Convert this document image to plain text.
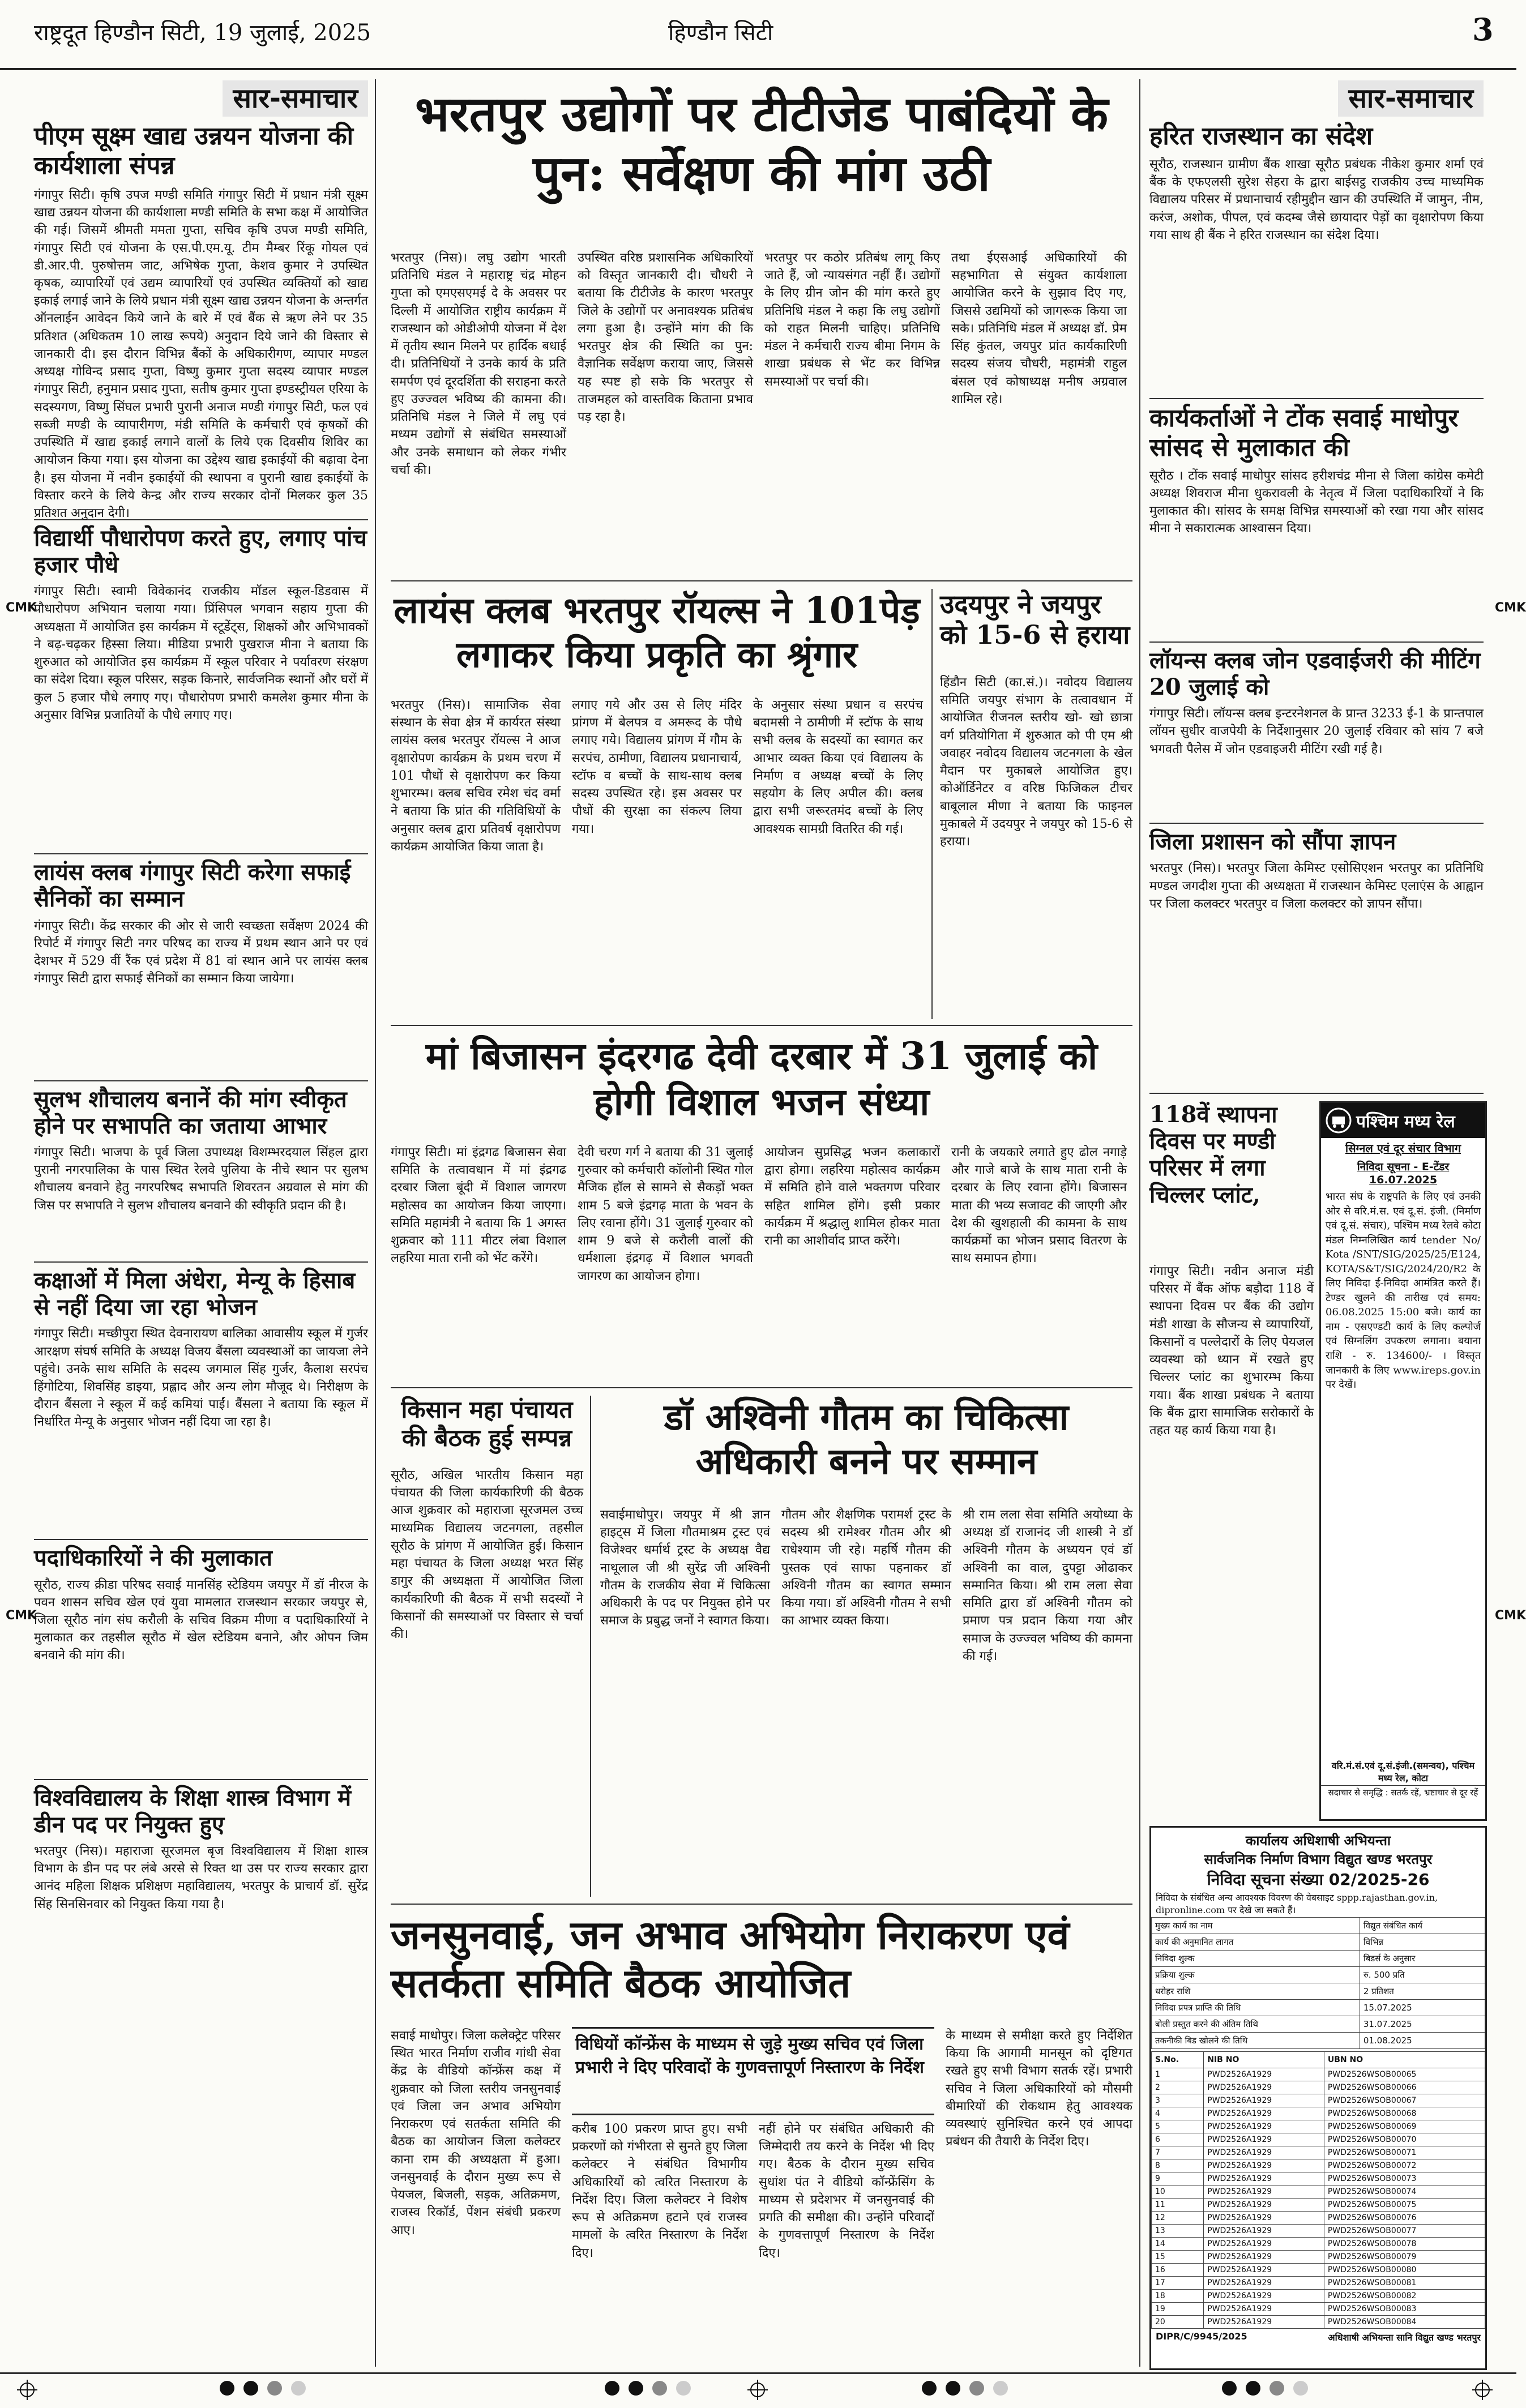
राष्ट्रदूत हिण्डौन सिटी, 19 जुलाई, 2025	हिण्डौन सिटी	3
CMK
CMK
CMK
CMK
सार-समाचार
पीएम सूक्ष्म खाद्य उन्नयन योजना की कार्यशाला संपन्न
गंगापुर सिटी। कृषि उपज मण्डी समिति गंगापुर सिटी में प्रधान मंत्री सूक्ष्म खाद्य उन्नयन योजना की कार्यशाला मण्डी समिति के सभा कक्ष में आयोजित की गई। जिसमें श्रीमती ममता गुप्ता, सचिव कृषि उपज मण्डी समिति, गंगापुर सिटी एवं योजना के एस.पी.एम.यू. टीम मैम्बर रिंकू गोयल एवं डी.आर.पी. पुरुषोत्तम जाट, अभिषेक गुप्ता, केशव कुमार ने उपस्थित कृषक, व्यापारियों एवं उद्यम व्यापारियों एवं उपस्थित व्यक्तियों को खाद्य इकाई लगाई जाने के लिये प्रधान मंत्री सूक्ष्म खाद्य उन्नयन योजना के अन्तर्गत ऑनलाईन आवेदन किये जाने के बारे में एवं बैंक से ऋण लेने पर 35 प्रतिशत (अधिकतम 10 लाख रूपये) अनुदान दिये जाने की विस्तार से जानकारी दी। इस दौरान विभिन्न बैंकों के अधिकारीगण, व्यापार मण्डल अध्यक्ष गोविन्द प्रसाद गुप्ता, विष्णु कुमार गुप्ता सदस्य व्यापार मण्डल गंगापुर सिटी, हनुमान प्रसाद गुप्ता, सतीष कुमार गुप्ता इण्डस्ट्रीयल एरिया के सदस्यगण, विष्णु सिंघल प्रभारी पुरानी अनाज मण्डी गंगापुर सिटी, फल एवं सब्जी मण्डी के व्यापारीगण, मंडी समिति के कर्मचारी एवं कृषकों की उपस्थिति में खाद्य इकाई लगाने वालों के लिये एक दिवसीय शिविर का आयोजन किया गया। इस योजना का उद्देश्य खाद्य इकाईयों की बढ़ावा देना है। इस योजना में नवीन इकाईयों की स्थापना व पुरानी खाद्य इकाईयों के विस्तार करने के लिये केन्द्र और राज्य सरकार दोनों मिलकर कुल 35 प्रतिशत अनुदान देगी।
विद्यार्थी पौधारोपण करते हुए, लगाए पांच हजार पौधे
गंगापुर सिटी। स्वामी विवेकानंद राजकीय मॉडल स्कूल-डिडवास में पौधारोपण अभियान चलाया गया। प्रिंसिपल भगवान सहाय गुप्ता की अध्यक्षता में आयोजित इस कार्यक्रम में स्टूडेंट्स, शिक्षकों और अभिभावकों ने बढ़-चढ़कर हिस्सा लिया। मीडिया प्रभारी पुखराज मीना ने बताया कि शुरुआत को आयोजित इस कार्यक्रम में स्कूल परिवार ने पर्यावरण संरक्षण का संदेश दिया। स्कूल परिसर, सड़क किनारे, सार्वजनिक स्थानों और घरों में कुल 5 हजार पौधे लगाए गए। पौधारोपण प्रभारी कमलेश कुमार मीना के अनुसार विभिन्न प्रजातियों के पौधे लगाए गए।
लायंस क्लब गंगापुर सिटी करेगा सफाई सैनिकों का सम्मान
गंगापुर सिटी। केंद्र सरकार की ओर से जारी स्वच्छता सर्वेक्षण 2024 की रिपोर्ट में गंगापुर सिटी नगर परिषद का राज्य में प्रथम स्थान आने पर एवं देशभर में 529 वीं रैंक एवं प्रदेश में 81 वां स्थान आने पर लायंस क्लब गंगापुर सिटी द्वारा सफाई सैनिकों का सम्मान किया जायेगा।
सुलभ शौचालय बनानें की मांग स्वीकृत होने पर सभापति का जताया आभार
गंगापुर सिटी। भाजपा के पूर्व जिला उपाध्यक्ष विशम्भरदयाल सिंहल द्वारा पुरानी नगरपालिका के पास स्थित रेलवे पुलिया के नीचे स्थान पर सुलभ शौचालय बनवाने हेतु नगरपरिषद सभापति शिवरतन अग्रवाल से मांग की जिस पर सभापति ने सुलभ शौचालय बनवाने की स्वीकृति प्रदान की है।
कक्षाओं में मिला अंधेरा, मेन्यू के हिसाब से नहीं दिया जा रहा भोजन
गंगापुर सिटी। मच्छीपुरा स्थित देवनारायण बालिका आवासीय स्कूल में गुर्जर आरक्षण संघर्ष समिति के अध्यक्ष विजय बैंसला व्यवस्थाओं का जायजा लेने पहुंचे। उनके साथ समिति के सदस्य जगमाल सिंह गुर्जर, कैलाश सरपंच हिंगोटिया, शिवसिंह डाइया, प्रह्लाद और अन्य लोग मौजूद थे। निरीक्षण के दौरान बैंसला ने स्कूल में कई कमियां पाईं। बैंसला ने बताया कि स्कूल में निर्धारित मेन्यू के अनुसार भोजन नहीं दिया जा रहा है।
पदाधिकारियों ने की मुलाकात
सूरौठ, राज्य क्रीडा परिषद सवाई मानसिंह स्टेडियम जयपुर में डॉ नीरज के पवन शासन सचिव खेल एवं युवा मामलात राजस्थान सरकार जयपुर से, जिला सूरौठ नांग संघ करौली के सचिव विक्रम मीणा व पदाधिकारियों ने मुलाकात कर तहसील सूरौठ में खेल स्टेडियम बनाने, और ओपन जिम बनवाने की मांग की।
विश्वविद्यालय के शिक्षा शास्त्र विभाग में डीन पद पर नियुक्त हुए
भरतपुर (निस)। महाराजा सूरजमल बृज विश्वविद्यालय में शिक्षा शास्त्र विभाग के डीन पद पर लंबे अरसे से रिक्त था उस पर राज्य सरकार द्वारा आनंद महिला शिक्षक प्रशिक्षण महाविद्यालय, भरतपुर के प्राचार्य डॉ. सुरेंद्र सिंह सिनसिनवार को नियुक्त किया गया है।
भरतपुर उद्योगों पर टीटीजेड पाबंदियों के पुन: सर्वेक्षण की मांग उठी
भरतपुर (निस)। लघु उद्योग भारती प्रतिनिधि मंडल ने महाराष्ट्र चंद्र मोहन गुप्ता को एमएसएमई दे के अवसर पर दिल्ली में आयोजित राष्ट्रीय कार्यक्रम में राजस्थान को ओडीओपी योजना में देश में तृतीय स्थान मिलने पर हार्दिक बधाई दी। प्रतिनिधियों ने उनके कार्य के प्रति समर्पण एवं दूरदर्शिता की सराहना करते हुए उज्ज्वल भविष्य की कामना की। प्रतिनिधि मंडल ने जिले में लघु एवं मध्यम उद्योगों से संबंधित समस्याओं और उनके समाधान को लेकर गंभीर चर्चा की।
उपस्थित वरिष्ठ प्रशासनिक अधिकारियों को विस्तृत जानकारी दी। चौधरी ने बताया कि टीटीजेड के कारण भरतपुर जिले के उद्योगों पर अनावश्यक प्रतिबंध लगा हुआ है। उन्होंने मांग की कि भरतपुर क्षेत्र की स्थिति का पुन: वैज्ञानिक सर्वेक्षण कराया जाए, जिससे यह स्पष्ट हो सके कि भरतपुर से ताजमहल को वास्तविक किताना प्रभाव पड़ रहा है।
भरतपुर पर कठोर प्रतिबंध लागू किए जाते हैं, जो न्यायसंगत नहीं हैं। उद्योगों के लिए ग्रीन जोन की मांग करते हुए प्रतिनिधि मंडल ने कहा कि लघु उद्योगों को राहत मिलनी चाहिए। प्रतिनिधि मंडल ने कर्मचारी राज्य बीमा निगम के शाखा प्रबंधक से भेंट कर विभिन्न समस्याओं पर चर्चा की।
तथा ईएसआई अधिकारियों की सहभागिता से संयुक्त कार्यशाला आयोजित करने के सुझाव दिए गए, जिससे उद्यमियों को जागरूक किया जा सके। प्रतिनिधि मंडल में अध्यक्ष डॉ. प्रेम सिंह कुंतल, जयपुर प्रांत कार्यकारिणी सदस्य संजय चौधरी, महामंत्री राहुल बंसल एवं कोषाध्यक्ष मनीष अग्रवाल शामिल रहे।
लायंस क्लब भरतपुर रॉयल्स ने 101पेड़ लगाकर किया प्रकृति का श्रृंगार
भरतपुर (निस)। सामाजिक सेवा संस्थान के सेवा क्षेत्र में कार्यरत संस्था लायंस क्लब भरतपुर रॉयल्स ने आज वृक्षारोपण कार्यक्रम के प्रथम चरण में 101 पौधों से वृक्षारोपण कर किया शुभारम्भ। क्लब सचिव रमेश चंद वर्मा ने बताया कि प्रांत की गतिविधियों के अनुसार क्लब द्वारा प्रतिवर्ष वृक्षारोपण कार्यक्रम आयोजित किया जाता है।
लगाए गये और उस से लिए मंदिर प्रांगण में बेलपत्र व अमरूद के पौधे लगाए गये। विद्यालय प्रांगण में गौम के सरपंच, ठामीणा, विद्यालय प्रधानाचार्य, स्टॉफ व बच्चों के साथ-साथ क्लब सदस्य उपस्थित रहे। इस अवसर पर पौधों की सुरक्षा का संकल्प लिया गया।
के अनुसार संस्था प्रधान व सरपंच बदामसी ने ठामीणी में स्टॉफ के साथ सभी क्लब के सदस्यों का स्वागत कर आभार व्यक्त किया एवं विद्यालय के निर्माण व अध्यक्ष बच्चों के लिए सहयोग के लिए अपील की। क्लब द्वारा सभी जरूरतमंद बच्चों के लिए आवश्यक सामग्री वितरित की गई।
उदयपुर ने जयपुर को 15-6 से हराया
हिंडौन सिटी (का.सं.)। नवोदय विद्यालय समिति जयपुर संभाग के तत्वावधान में आयोजित रीजनल स्तरीय खो- खो छात्रा वर्ग प्रतियोगिता में शुरुआत को पी एम श्री जवाहर नवोदय विद्यालय जटनगला के खेल मैदान पर मुकाबले आयोजित हुए। कोऑर्डिनेटर व वरिष्ठ फिजिकल टीचर बाबूलाल मीणा ने बताया कि फाइनल मुकाबले में उदयपुर ने जयपुर को 15-6 से हराया।
मां बिजासन इंदरगढ देवी दरबार में 31 जुलाई को होगी विशाल भजन संध्या
गंगापुर सिटी। मां इंद्रगढ बिजासन सेवा समिति के तत्वावधान में मां इंद्रगढ दरबार जिला बूंदी में विशाल जागरण महोत्सव का आयोजन किया जाएगा। समिति महामंत्री ने बताया कि 1 अगस्त शुक्रवार को 111 मीटर लंबा विशाल लहरिया माता रानी को भेंट करेंगे।
देवी चरण गर्ग ने बताया की 31 जुलाई गुरुवार को कर्मचारी कॉलोनी स्थित गोल मैजिक हॉल से सामने से सैकड़ों भक्त शाम 5 बजे इंद्रगढ़ माता के भवन के लिए रवाना होंगे। 31 जुलाई गुरुवार को शाम 9 बजे से करौली वालों की धर्मशाला इंद्रगढ़ में विशाल भगवती जागरण का आयोजन होगा।
आयोजन सुप्रसिद्ध भजन कलाकारों द्वारा होगा। लहरिया महोत्सव कार्यक्रम में समिति होने वाले भक्तगण परिवार सहित शामिल होंगे। इसी प्रकार कार्यक्रम में श्रद्धालु शामिल होकर माता रानी का आशीर्वाद प्राप्त करेंगे।
रानी के जयकारे लगाते हुए ढोल नगाड़े और गाजे बाजे के साथ माता रानी के दरबार के लिए रवाना होंगे। बिजासन माता की भव्य सजावट की जाएगी और देश की खुशहाली की कामना के साथ कार्यक्रमों का भोजन प्रसाद वितरण के साथ समापन होगा।
किसान महा पंचायत की बैठक हुई सम्पन्न
सूरौठ, अखिल भारतीय किसान महा पंचायत की जिला कार्यकारिणी की बैठक आज शुक्रवार को महाराजा सूरजमल उच्च माध्यमिक विद्यालय जटनगला, तहसील सूरौठ के प्रांगण में आयोजित हुई। किसान महा पंचायत के जिला अध्यक्ष भरत सिंह डागुर की अध्यक्षता में आयोजित जिला कार्यकारिणी की बैठक में सभी सदस्यों ने किसानों की समस्याओं पर विस्तार से चर्चा की।
डॉ अश्विनी गौतम का चिकित्सा अधिकारी बनने पर सम्मान
सवाईमाधोपुर। जयपुर में श्री ज्ञान हाइट्स में जिला गौतमाश्रम ट्रस्ट एवं विजेश्वर धर्मार्थ ट्रस्ट के अध्यक्ष वैद्य नाथूलाल जी श्री सुरेंद्र जी अश्विनी गौतम के राजकीय सेवा में चिकित्सा अधिकारी के पद पर नियुक्त होने पर समाज के प्रबुद्ध जनों ने स्वागत किया।
गौतम और शैक्षणिक परामर्श ट्रस्ट के सदस्य श्री रामेश्वर गौतम और श्री राधेश्याम जी रहे। महर्षि गौतम की पुस्तक एवं साफा पहनाकर डॉ अश्विनी गौतम का स्वागत सम्मान किया गया। डॉ अश्विनी गौतम ने सभी का आभार व्यक्त किया।
श्री राम लला सेवा समिति अयोध्या के अध्यक्ष डॉ राजानंद जी शास्त्री ने डॉ अश्विनी गौतम के अध्ययन एवं डॉ अश्विनी का वाल, दुपट्टा ओढाकर सम्मानित किया। श्री राम लला सेवा समिति द्वारा डॉ अश्विनी गौतम को प्रमाण पत्र प्रदान किया गया और समाज के उज्ज्वल भविष्य की कामना की गई।
जनसुनवाई, जन अभाव अभियोग निराकरण एवं सतर्कता समिति बैठक आयोजित
सवाई माधोपुर। जिला कलेक्ट्रेट परिसर स्थित भारत निर्माण राजीव गांधी सेवा केंद्र के वीडियो कॉन्फ्रेंस कक्ष में शुक्रवार को जिला स्तरीय जनसुनवाई एवं जिला जन अभाव अभियोग निराकरण एवं सतर्कता समिति की बैठक का आयोजन जिला कलेक्टर काना राम की अध्यक्षता में हुआ। जनसुनवाई के दौरान मुख्य रूप से पेयजल, बिजली, सड़क, अतिक्रमण, राजस्व रिकॉर्ड, पेंशन संबंधी प्रकरण आए।
विधियों कॉन्फ्रेंस के माध्यम से जुड़े मुख्य सचिव एवं जिला प्रभारी ने दिए परिवादों के गुणवत्तापूर्ण निस्तारण के निर्देश
करीब 100 प्रकरण प्राप्त हुए। सभी प्रकरणों को गंभीरता से सुनते हुए जिला कलेक्टर ने संबंधित विभागीय अधिकारियों को त्वरित निस्तारण के निर्देश दिए। जिला कलेक्टर ने विशेष रूप से अतिक्रमण हटाने एवं राजस्व मामलों के त्वरित निस्तारण के निर्देश दिए।
नहीं होने पर संबंधित अधिकारी की जिम्मेदारी तय करने के निर्देश भी दिए गए। बैठक के दौरान मुख्य सचिव सुधांश पंत ने वीडियो कॉन्फ्रेंसिंग के माध्यम से प्रदेशभर में जनसुनवाई की प्रगति की समीक्षा की। उन्होंने परिवादों के गुणवत्तापूर्ण निस्तारण के निर्देश दिए।
के माध्यम से समीक्षा करते हुए निर्देशित किया कि आगामी मानसून को दृष्टिगत रखते हुए सभी विभाग सतर्क रहें। प्रभारी सचिव ने जिला अधिकारियों को मौसमी बीमारियों की रोकथाम हेतु आवश्यक व्यवस्थाएं सुनिश्चित करने एवं आपदा प्रबंधन की तैयारी के निर्देश दिए।
सार-समाचार
हरित राजस्थान का संदेश
सूरौठ, राजस्थान ग्रामीण बैंक शाखा सूरौठ प्रबंधक नीकेश कुमार शर्मा एवं बैंक के एफएलसी सुरेश सेहरा के द्वारा बाईसट्ठ राजकीय उच्च माध्यमिक विद्यालय परिसर में प्रधानाचार्य रहीमुद्दीन खान की उपस्थिति में जामुन, नीम, करंज, अशोक, पीपल, एवं कदम्ब जैसे छायादार पेड़ों का वृक्षारोपण किया गया साथ ही बैंक ने हरित राजस्थान का संदेश दिया।
कार्यकर्ताओं ने टोंक सवाई माधोपुर सांसद से मुलाकात की
सूरौठ । टोंक सवाई माधोपुर सांसद हरीशचंद्र मीना से जिला कांग्रेस कमेटी अध्यक्ष शिवराज मीना धुकरावली के नेतृत्व में जिला पदाधिकारियों ने कि मुलाकात की। सांसद के समक्ष विभिन्न समस्याओं को रखा गया और सांसद मीना ने सकारात्मक आश्वासन दिया।
लॉयन्स क्लब जोन एडवाईजरी की मीटिंग 20 जुलाई को
गंगापुर सिटी। लॉयन्स क्लब इन्टरनेशनल के प्रान्त 3233 ई-1 के प्रान्तपाल लॉयन सुधीर वाजपेयी के निर्देशानुसार 20 जुलाई रविवार को सांय 7 बजे भगवती पैलेस में जोन एडवाइजरी मीटिंग रखी गई है।
जिला प्रशासन को सौंपा ज्ञापन
भरतपुर (निस)। भरतपुर जिला केमिस्ट एसोसिएशन भरतपुर का प्रतिनिधि मण्डल जगदीश गुप्ता की अध्यक्षता में राजस्थान केमिस्ट एलाएंस के आह्वान पर जिला कलक्टर भरतपुर व जिला कलक्टर को ज्ञापन सौंपा।
118वें स्थापना दिवस पर मण्डी परिसर में लगा चिल्लर प्लांट,
गंगापुर सिटी। नवीन अनाज मंडी परिसर में बैंक ऑफ बड़ौदा 118 वें स्थापना दिवस पर बैंक की उद्योग मंडी शाखा के सौजन्य से व्यापारियों, किसानों व पल्लेदारों के लिए पेयजल व्यवस्था को ध्यान में रखते हुए चिल्लर प्लांट का शुभारम्भ किया गया। बैंक शाखा प्रबंधक ने बताया कि बैंक द्वारा सामाजिक सरोकारों के तहत यह कार्य किया गया है।
पश्चिम मध्य रेल
सिग्नल एवं दूर संचार विभाग
निविदा सूचना - E-टेंडर 16.07.2025
भारत संघ के राष्ट्रपति के लिए एवं उनकी ओर से वरि.मं.स. एवं दू.सं. इंजी. (निर्माण एवं दू.सं. संचार), पश्चिम मध्य रेलवे कोटा मंडल निम्नलिखित कार्य tender No/ Kota /SNT/SIG/2025/25/E124, KOTA/S&T/SIG/2024/20/R2 के लिए निविदा ई-निविदा आमंत्रित करते हैं। टेण्डर खुलने की तारीख एवं समय: 06.08.2025 15:00 बजे। कार्य का नाम - एसएण्डटी कार्य के लिए कल्पोर्ज एवं सिग्नलिंग उपकरण लगाना। बयाना राशि - रु. 134600/- । विस्तृत जानकारी के लिए www.ireps.gov.in पर देखें।
वरि.मं.सं.एवं दू.सं.इंजी.(समन्वय), पश्चिम मध्य रेल, कोटा
सदाचार से समृद्धि : सतर्क रहें, भ्रष्टाचार से दूर रहें
कार्यालय अधिशाषी अभियन्ता
सार्वजनिक निर्माण विभाग विद्युत खण्ड भरतपुर
निविदा सूचना संख्या 02/2025-26
निविदा के संबंधित अन्य आवश्यक विवरण की वेबसाइट sppp.rajasthan.gov.in, dipronline.com पर देखे जा सकते हैं।
मुख्य कार्य का नाम	विद्युत संबंधित कार्य
कार्य की अनुमानित लागत	विभिन्न
निविदा शुल्क	बिडर्स के अनुसार
प्रक्रिया शुल्क	रु. 500 प्रति
धरोहर राशि	2 प्रतिशत
निविदा प्रपत्र प्राप्ति की तिथि	15.07.2025
बोली प्रस्तुत करने की अंतिम तिथि	31.07.2025
तकनीकी बिड खोलने की तिथि	01.08.2025
S.No.	NIB NO	UBN NO
1	PWD2526A1929	PWD2526WSOB00065
2	PWD2526A1929	PWD2526WSOB00066
3	PWD2526A1929	PWD2526WSOB00067
4	PWD2526A1929	PWD2526WSOB00068
5	PWD2526A1929	PWD2526WSOB00069
6	PWD2526A1929	PWD2526WSOB00070
7	PWD2526A1929	PWD2526WSOB00071
8	PWD2526A1929	PWD2526WSOB00072
9	PWD2526A1929	PWD2526WSOB00073
10	PWD2526A1929	PWD2526WSOB00074
11	PWD2526A1929	PWD2526WSOB00075
12	PWD2526A1929	PWD2526WSOB00076
13	PWD2526A1929	PWD2526WSOB00077
14	PWD2526A1929	PWD2526WSOB00078
15	PWD2526A1929	PWD2526WSOB00079
16	PWD2526A1929	PWD2526WSOB00080
17	PWD2526A1929	PWD2526WSOB00081
18	PWD2526A1929	PWD2526WSOB00082
19	PWD2526A1929	PWD2526WSOB00083
20	PWD2526A1929	PWD2526WSOB00084
DIPR/C/9945/2025	अधिशाषी अभियन्ता सानि विद्युत खण्ड भरतपुर
